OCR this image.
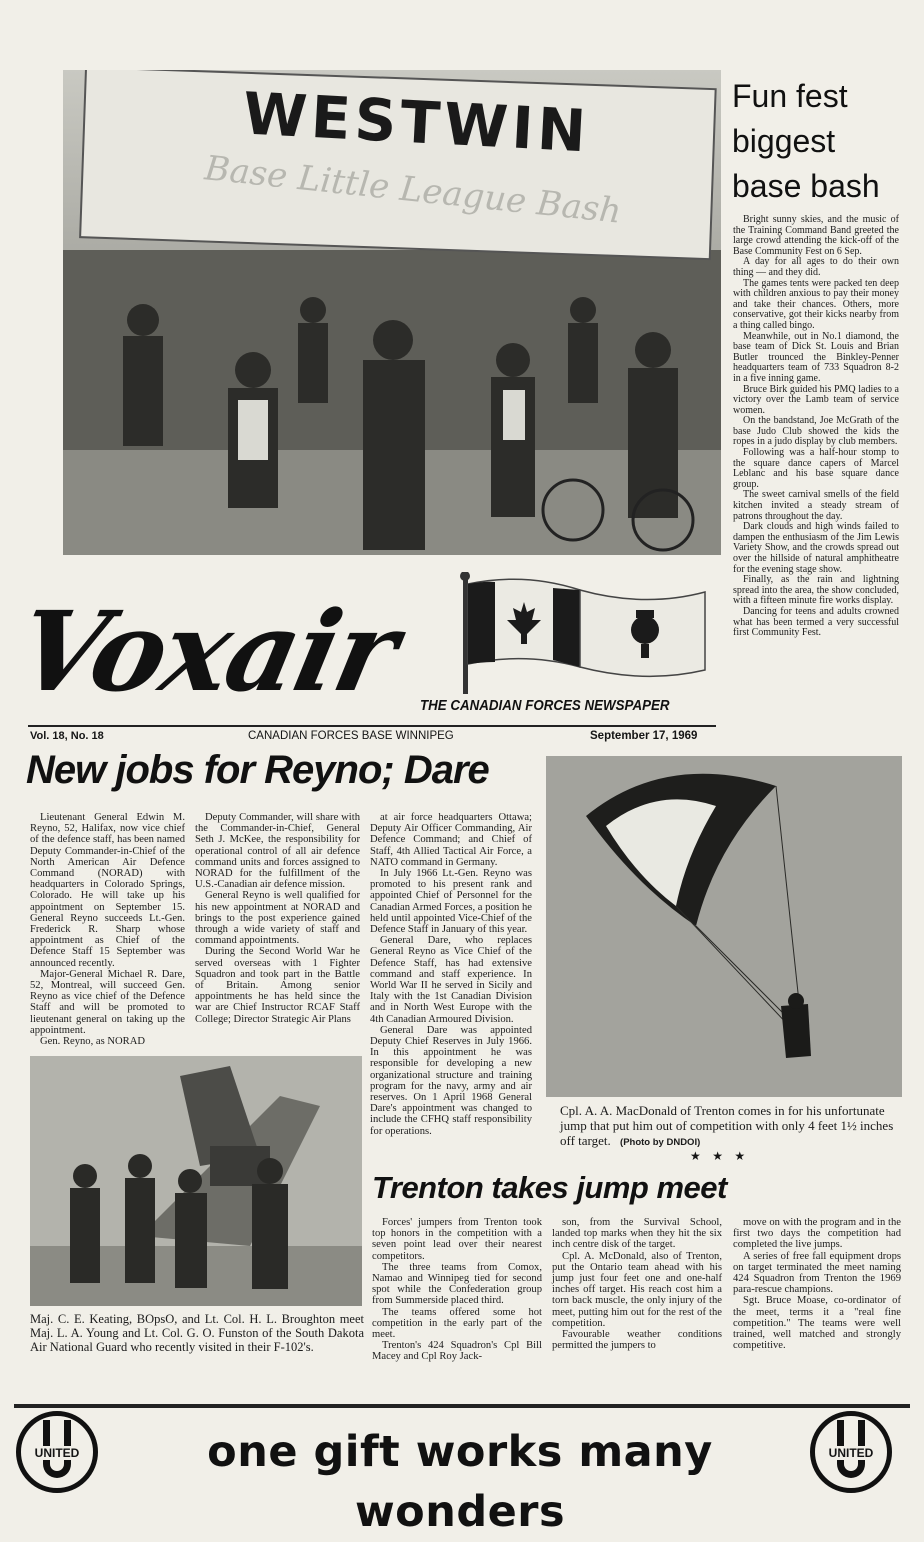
WESTWIN
Base Little League Bash
Fun fest
biggest
base bash

Bright sunny skies, and the music of the Training Command Band greeted the large crowd attending the kick-off of the Base Community Fest on 6 Sep.

A day for all ages to do their own thing — and they did.

The games tents were packed ten deep with children anxious to pay their money and take their chances. Others, more conservative, got their kicks nearby from a thing called bingo.

Meanwhile, out in No.1 diamond, the base team of Dick St. Louis and Brian Butler trounced the Binkley-Penner headquarters team of 733 Squadron 8-2 in a five inning game.

Bruce Birk guided his PMQ ladies to a victory over the Lamb team of service women.

On the bandstand, Joe McGrath of the base Judo Club showed the kids the ropes in a judo display by club members.

Following was a half-hour stomp to the square dance capers of Marcel Leblanc and his base square dance group.

The sweet carnival smells of the field kitchen invited a steady stream of patrons throughout the day.

Dark clouds and high winds failed to dampen the enthusiasm of the Jim Lewis Variety Show, and the crowds spread out over the hillside of natural amphitheatre for the evening stage show.

Finally, as the rain and lightning spread into the area, the show concluded, with a fifteen minute fire works display.

Dancing for teens and adults crowned what has been termed a very successful first Community Fest.

Voxair THE CANADIAN FORCES NEWSPAPER
Vol. 18, No. 18	CANADIAN FORCES BASE WINNIPEG	September 17, 1969
New jobs for Reyno; Dare

Lieutenant General Edwin M. Reyno, 52, Halifax, now vice chief of the defence staff, has been named Deputy Commander-in-Chief of the North American Air Defence Command (NORAD) with headquarters in Colorado Springs, Colorado. He will take up his appointment on September 15. General Reyno succeeds Lt.-Gen. Frederick R. Sharp whose appointment as Chief of the Defence Staff 15 September was announced recently.

Major-General Michael R. Dare, 52, Montreal, will succeed Gen. Reyno as vice chief of the Defence Staff and will be promoted to lieutenant general on taking up the appointment.

Gen. Reyno, as NORAD

Deputy Commander, will share with the Commander-in-Chief, General Seth J. McKee, the responsibility for operational control of all air defence command units and forces assigned to NORAD for the fulfillment of the U.S.-Canadian air defence mission.

General Reyno is well qualified for his new appointment at NORAD and brings to the post experience gained through a wide variety of staff and command appointments.

During the Second World War he served overseas with 1 Fighter Squadron and took part in the Battle of Britain. Among senior appointments he has held since the war are Chief Instructor RCAF Staff College; Director Strategic Air Plans

at air force headquarters Ottawa; Deputy Air Officer Commanding, Air Defence Command; and Chief of Staff, 4th Allied Tactical Air Force, a NATO command in Germany.

In July 1966 Lt.-Gen. Reyno was promoted to his present rank and appointed Chief of Personnel for the Canadian Armed Forces, a position he held until appointed Vice-Chief of the Defence Staff in January of this year.

General Dare, who replaces General Reyno as Vice Chief of the Defence Staff, has had extensive command and staff experience. In World War II he served in Sicily and Italy with the 1st Canadian Division and in North West Europe with the 4th Canadian Armoured Division.

General Dare was appointed Deputy Chief Reserves in July 1966. In this appointment he was responsible for developing a new organizational structure and training program for the navy, army and air reserves. On 1 April 1968 General Dare's appointment was changed to include the CFHQ staff responsibility for operations.

Maj. C. E. Keating, BOpsO, and Lt. Col. H. L. Broughton meet Maj. L. A. Young and Lt. Col. G. O. Funston of the South Dakota Air National Guard who recently visited in their F-102's.
Cpl. A. A. MacDonald of Trenton comes in for his unfortunate jump that put him out of competition with only 4 feet 1½ inches off target. (Photo by DNDOI)
★   ★   ★
Trenton takes jump meet

Forces' jumpers from Trenton took top honors in the competition with a seven point lead over their nearest competitors.

The three teams from Comox, Namao and Winnipeg tied for second spot while the Confederation group from Summerside placed third.

The teams offered some hot competition in the early part of the meet.

Trenton's 424 Squadron's Cpl Bill Macey and Cpl Roy Jack-

son, from the Survival School, landed top marks when they hit the six inch centre disk of the target.

Cpl. A. McDonald, also of Trenton, put the Ontario team ahead with his jump just four feet one and one-half inches off target. His reach cost him a torn back muscle, the only injury of the meet, putting him out for the rest of the competition.

Favourable weather conditions permitted the jumpers to

move on with the program and in the first two days the competition had completed the live jumps.

A series of free fall equipment drops on target terminated the meet naming 424 Squadron from Trenton the 1969 para-rescue champions.

Sgt. Bruce Moase, co-ordinator of the meet, terms it a "real fine competition." The teams were well trained, well matched and strongly competitive.

UNITED	one gift works many wonders
UNITED
